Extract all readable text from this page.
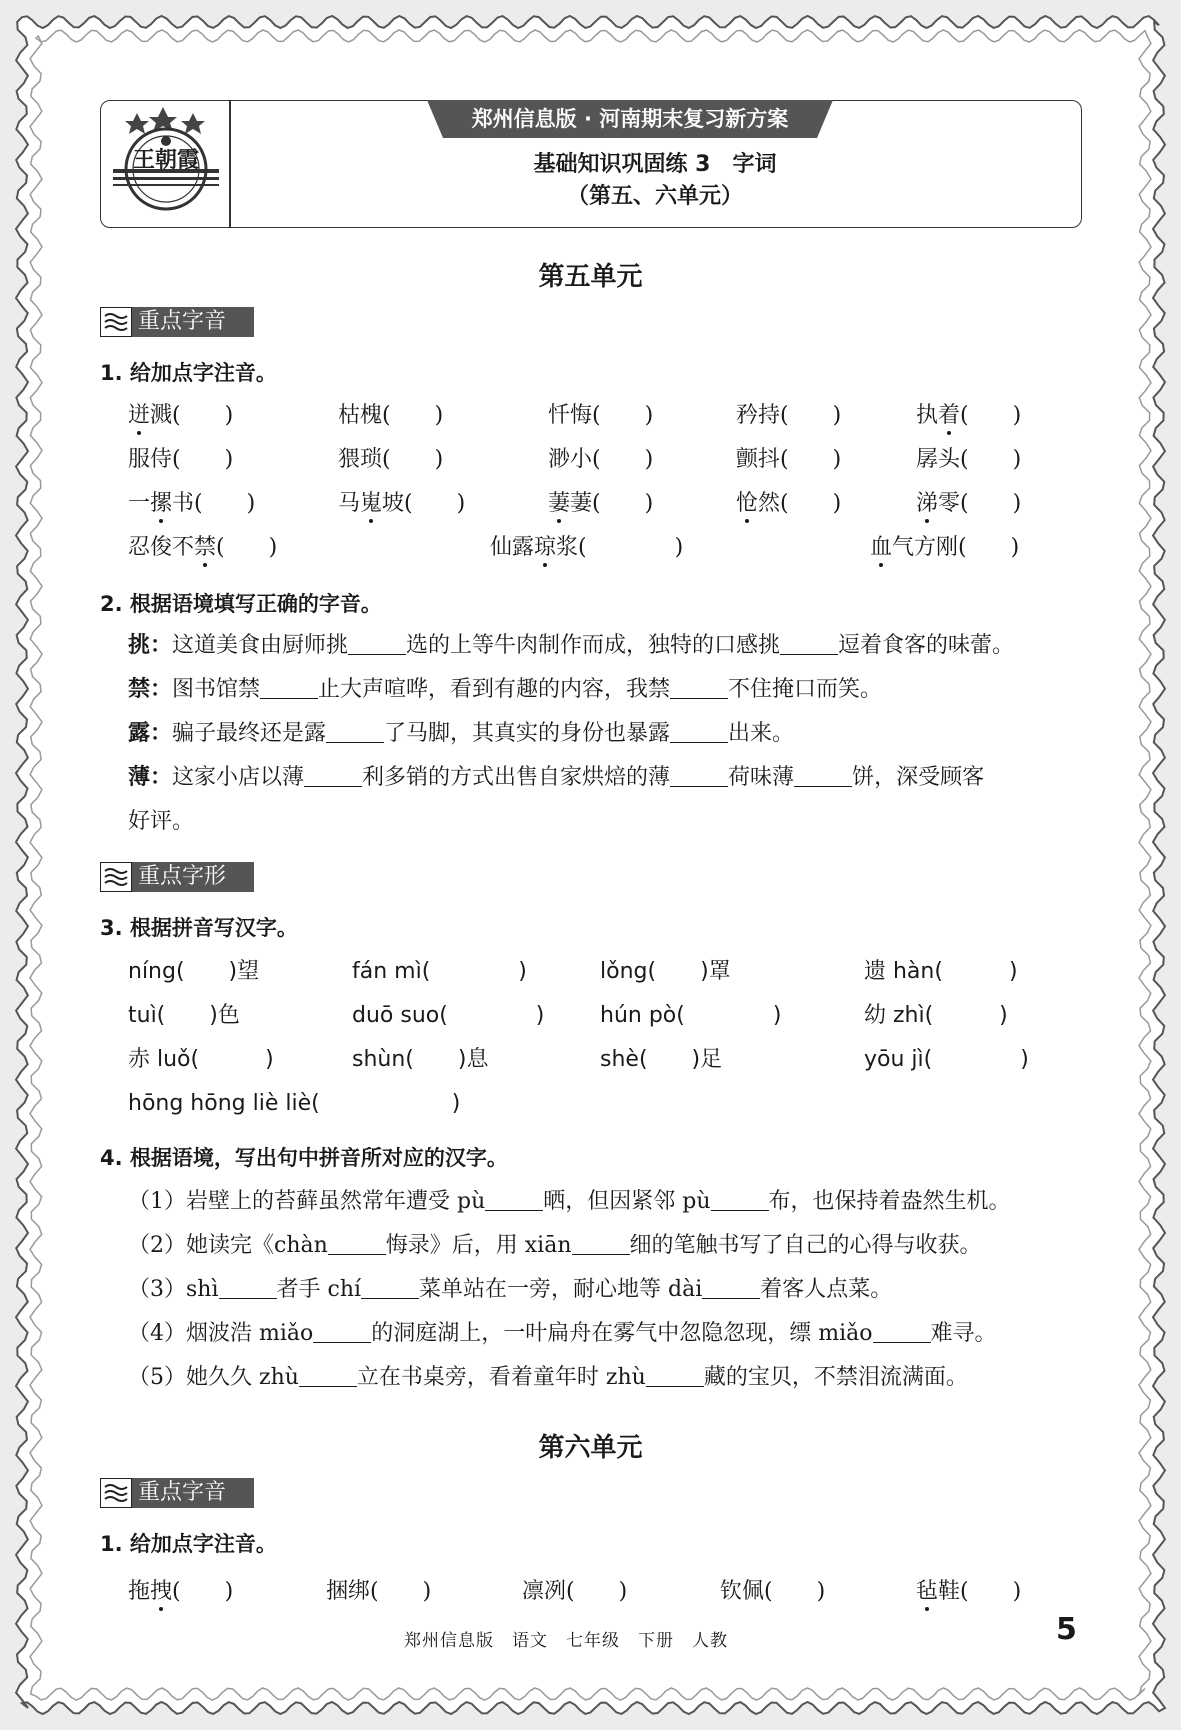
王朝霞
郑州信息版 · 河南期末复习新方案
基础知识巩固练 3　字词
（第五、六单元）
第五单元
重点字音
1. 给加点字注音。
迸溅(　　)	枯槐(　　)	忏悔(　　)	矜持(　　)	执着(　　)
服侍(　　)	猥琐(　　)	渺小(　　)	颤抖(　　)	孱头(　　)
一摞书(　　)	马嵬坡(　　)	萋萋(　　)	怆然(　　)	涕零(　　)
忍俊不禁(　　)	仙露琼浆(　　　　)	血气方刚(　　)
2. 根据语境填写正确的字音。
挑：这道美食由厨师挑	选的上等牛肉制作而成，独特的口感挑	逗着食客的味蕾。
禁：图书馆禁	止大声喧哗，看到有趣的内容，我禁	不住掩口而笑。
露：骗子最终还是露	了马脚，其真实的身份也暴露	出来。
薄：这家小店以薄	利多销的方式出售自家烘焙的薄	荷味薄	饼，深受顾客
好评。
重点字形
3. 根据拼音写汉字。
níng(　　)望	fán mì(　　　　)	lǒng(　　)罩	遗 hàn(　　　)
tuì(　　)色	duō suo(　　　　)	hún pò(　　　　)	幼 zhì(　　　)
赤 luǒ(　　　)	shùn(　　)息	shè(　　)足	yōu jì(　　　　)
hōng hōng liè liè(　　　　　　)
4. 根据语境，写出句中拼音所对应的汉字。
（1）岩壁上的苔藓虽然常年遭受 pù	晒，但因紧邻 pù	布，也保持着盎然生机。
（2）她读完《chàn	悔录》后，用 xiān	细的笔触书写了自己的心得与收获。
（3）shì	者手 chí	菜单站在一旁，耐心地等 dài	着客人点菜。
（4）烟波浩 miǎo	的洞庭湖上，一叶扁舟在雾气中忽隐忽现，缥 miǎo	难寻。
（5）她久久 zhù	立在书桌旁，看着童年时 zhù	藏的宝贝，不禁泪流满面。
第六单元
重点字音
1. 给加点字注音。
拖拽(　　)	捆绑(　　)	凛冽(　　)	钦佩(　　)	毡鞋(　　)
郑州信息版　语文　七年级　下册　人教	5
